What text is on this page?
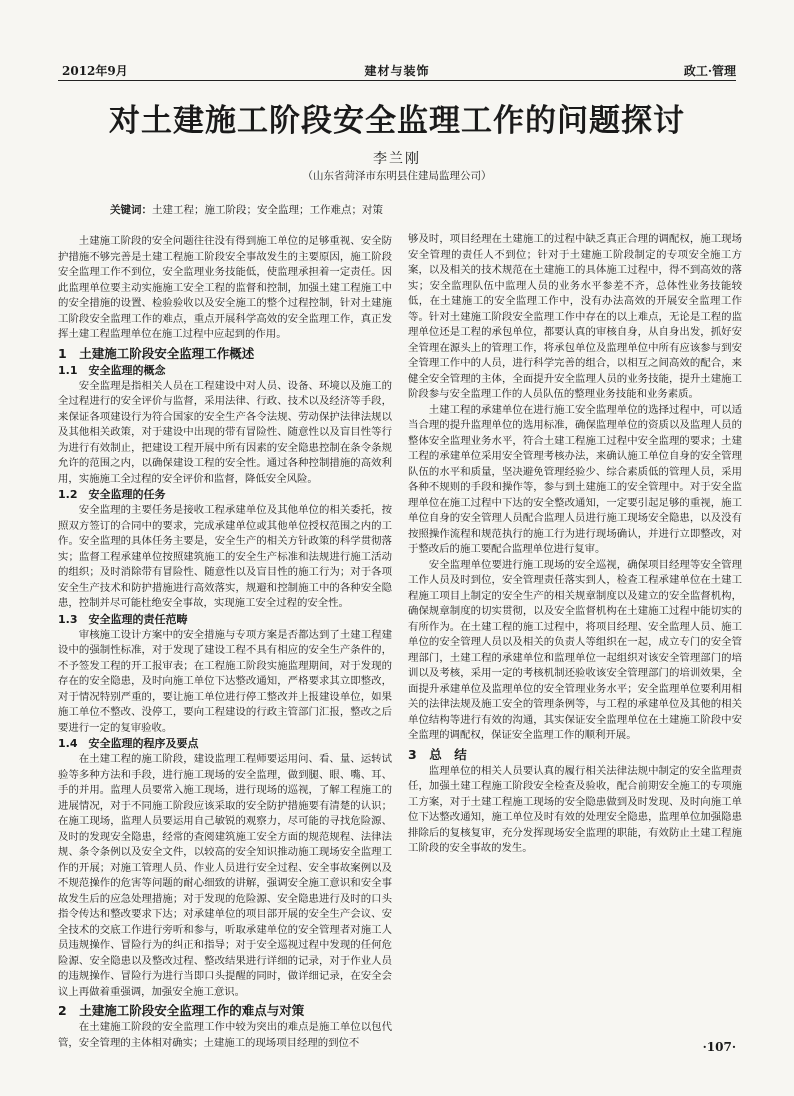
2012年9月	建材与装饰	政工·管理
对土建施工阶段安全监理工作的问题探讨
李兰刚
（山东省菏泽市东明县住建局监理公司）
关键词：土建工程；施工阶段；安全监理；工作难点；对策

土建施工阶段的安全问题往往没有得到施工单位的足够重视、安全防护措施不够完善是土建工程施工阶段安全事故发生的主要原因，施工阶段安全监理工作不到位，安全监理业务技能低，使监理承担着一定责任。因此监理单位要主动实施施工安全工程的监督和控制，加强土建工程施工中的安全措施的设置、检验验收以及安全施工的整个过程控制，针对土建施工阶段安全监理工作的难点，重点开展科学高效的安全监理工作，真正发挥土建工程监理单位在施工过程中应起到的作用。

1　土建施工阶段安全监理工作概述
1.1　安全监理的概念

安全监理是指相关人员在工程建设中对人员、设备、环境以及施工的全过程进行的安全评价与监督，采用法律、行政、技术以及经济等手段，来保证各项建设行为符合国家的安全生产各令法规、劳动保护法律法规以及其他相关政策，对于建设中出现的带有冒险性、随意性以及盲目性等行为进行有效制止，把建设工程开展中所有因素的安全隐患控制在条令条规允许的范围之内，以确保建设工程的安全性。通过各种控制措施的高效利用，实施施工全过程的安全评价和监督，降低安全风险。

1.2　安全监理的任务

安全监理的主要任务是接收工程承建单位及其他单位的相关委托，按照双方签订的合同中的要求，完成承建单位或其他单位授权范围之内的工作。安全监理的具体任务主要是，安全生产的相关方针政策的科学贯彻落实；监督工程承建单位按照建筑施工的安全生产标准和法规进行施工活动的组织；及时消除带有冒险性、随意性以及盲目性的施工行为；对于各项安全生产技术和防护措施进行高效落实，规避和控制施工中的各种安全隐患，控制并尽可能杜绝安全事故，实现施工安全过程的安全性。

1.3　安全监理的责任范畴

审核施工设计方案中的安全措施与专项方案是否都达到了土建工程建设中的强制性标准，对于发现了建设工程不具有相应的安全生产条件的，不予签发工程的开工报审表；在工程施工阶段实施监理期间，对于发现的存在的安全隐患，及时向施工单位下达整改通知，严格要求其立即整改，对于情况特别严重的，要让施工单位进行停工整改并上报建设单位，如果施工单位不整改、没停工，要向工程建设的行政主管部门汇报，整改之后要进行一定的复审验收。

1.4　安全监理的程序及要点

在土建工程的施工阶段，建设监理工程师要运用问、看、量、运转试验等多种方法和手段，进行施工现场的安全监理，做到腿、眼、嘴、耳、手的并用。监理人员要常入施工现场，进行现场的巡视，了解工程施工的进展情况，对于不同施工阶段应该采取的安全防护措施要有清楚的认识；在施工现场，监理人员要运用自己敏锐的观察力，尽可能的寻找危险源、及时的发现安全隐患，经常的查阅建筑施工安全方面的规范规程、法律法规、条令条例以及安全文件，以较高的安全知识推动施工现场安全监理工作的开展；对施工管理人员、作业人员进行安全过程、安全事故案例以及不规范操作的危害等问题的耐心细致的讲解，强调安全施工意识和安全事故发生后的应急处理措施；对于发现的危险源、安全隐患进行及时的口头指令传达和整改要求下达；对承建单位的项目部开展的安全生产会议、安全技术的交底工作进行旁听和参与，听取承建单位的安全管理者对施工人员违规操作、冒险行为的纠正和指导；对于安全巡视过程中发现的任何危险源、安全隐患以及整改过程、整改结果进行详细的记录，对于作业人员的违规操作、冒险行为进行当即口头提醒的同时，做详细记录，在安全会议上再做着重强调，加强安全施工意识。

2　土建施工阶段安全监理工作的难点与对策

在土建施工阶段的安全监理工作中较为突出的难点是施工单位以包代管，安全管理的主体相对确实；土建施工的现场项目经理的到位不

够及时，项目经理在土建施工的过程中缺乏真正合理的调配权，施工现场安全管理的责任人不到位；针对于土建施工阶段制定的专项安全施工方案，以及相关的技术规范在土建施工的具体施工过程中，得不到高效的落实；安全监理队伍中监理人员的业务水平参差不齐，总体性业务技能较低，在土建施工的安全监理工作中，没有办法高效的开展安全监理工作等。针对土建施工阶段安全监理工作中存在的以上难点，无论是工程的监理单位还是工程的承包单位，都要认真的审核自身，从自身出发，抓好安全管理在源头上的管理工作，将承包单位及监理单位中所有应该参与到安全管理工作中的人员，进行科学完善的组合，以相互之间高效的配合，来健全安全管理的主体，全面提升安全监理人员的业务技能，提升土建施工阶段参与安全监理工作的人员队伍的整理业务技能和业务素质。

土建工程的承建单位在进行施工安全监理单位的选择过程中，可以适当合理的提升监理单位的选用标准，确保监理单位的资质以及监理人员的整体安全监理业务水平，符合土建工程施工过程中安全监理的要求；土建工程的承建单位采用安全管理考核办法，来确认施工单位自身的安全管理队伍的水平和质量，坚决避免管理经验少、综合素质低的管理人员，采用各种不规则的手段和操作等，参与到土建施工的安全管理中。对于安全监理单位在施工过程中下达的安全整改通知，一定要引起足够的重视，施工单位自身的安全管理人员配合监理人员进行施工现场安全隐患，以及没有按照操作流程和规范执行的施工行为进行现场确认，并进行立即整改，对于整改后的施工要配合监理单位进行复审。

安全监理单位要进行施工现场的安全巡视，确保项目经理等安全管理工作人员及时到位，安全管理责任落实到人，检查工程承建单位在土建工程施工项目上制定的安全生产的相关规章制度以及建立的安全监督机构，确保规章制度的切实贯彻，以及安全监督机构在土建施工过程中能切实的有所作为。在土建工程的施工过程中，将项目经理、安全监理人员、施工单位的安全管理人员以及相关的负责人等组织在一起，成立专门的安全管理部门，土建工程的承建单位和监理单位一起组织对该安全管理部门的培训以及考核，采用一定的考核机制还验收该安全管理部门的培训效果，全面提升承建单位及监理单位的安全管理业务水平；安全监理单位要利用相关的法律法规及施工安全的管理条例等，与工程的承建单位及其他的相关单位结构等进行有效的沟通，其实保证安全监理单位在土建施工阶段中安全监理的调配权，保证安全监理工作的顺利开展。

3　总　结

监理单位的相关人员要认真的履行相关法律法规中制定的安全监理责任，加强土建工程施工阶段安全检查及验收，配合前期安全施工的专项施工方案，对于土建工程施工现场的安全隐患做到及时发现、及时向施工单位下达整改通知，施工单位及时有效的处理安全隐患，监理单位加强隐患排除后的复核复审，充分发挥现场安全监理的职能，有效防止土建工程施工阶段的安全事故的发生。

·107·
